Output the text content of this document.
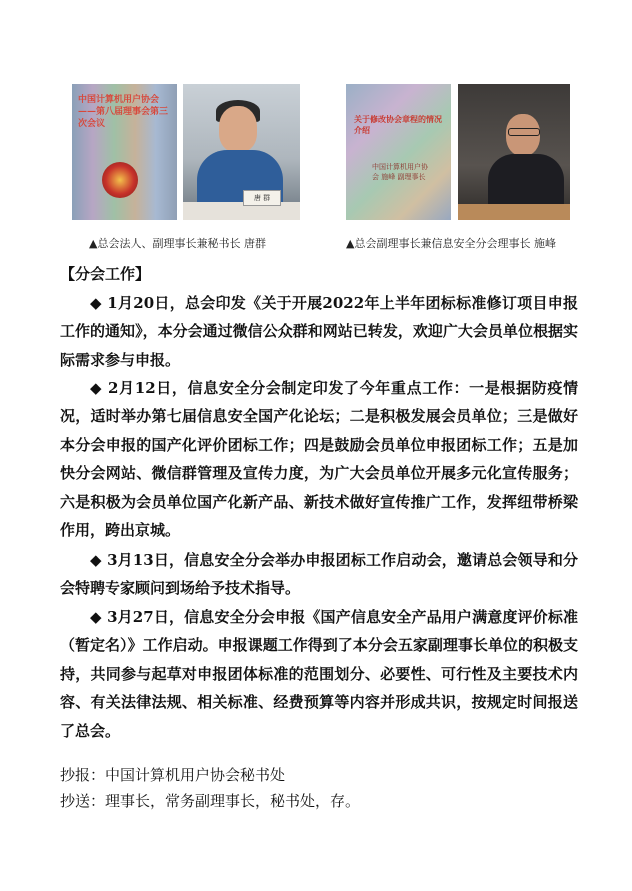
中国计算机用户协会——第八届理事会第三次会议
唐 群
关于修改协会章程的情况介绍
中国计算机用户协会 施峰 副理事长
▲总会法人、副理事长兼秘书长 唐群	▲总会副理事长兼信息安全分会理事长 施峰
【分会工作】

◆ 1月20日，总会印发《关于开展2022年上半年团标标准修订项目申报工作的通知》，本分会通过微信公众群和网站已转发，欢迎广大会员单位根据实际需求参与申报。

◆ 2月12日，信息安全分会制定印发了今年重点工作：一是根据防疫情况，适时举办第七届信息安全国产化论坛；二是积极发展会员单位；三是做好本分会申报的国产化评价团标工作；四是鼓励会员单位申报团标工作；五是加快分会网站、微信群管理及宣传力度，为广大会员单位开展多元化宣传服务；六是积极为会员单位国产化新产品、新技术做好宣传推广工作，发挥纽带桥梁作用，跨出京城。

◆ 3月13日，信息安全分会举办申报团标工作启动会，邀请总会领导和分会特聘专家顾问到场给予技术指导。

◆ 3月27日，信息安全分会申报《国产信息安全产品用户满意度评价标准（暂定名）》工作启动。申报课题工作得到了本分会五家副理事长单位的积极支持，共同参与起草对申报团体标准的范围划分、必要性、可行性及主要技术内容、有关法律法规、相关标准、经费预算等内容并形成共识，按规定时间报送了总会。

抄报：中国计算机用户协会秘书处
抄送：理事长，常务副理事长，秘书处，存。
